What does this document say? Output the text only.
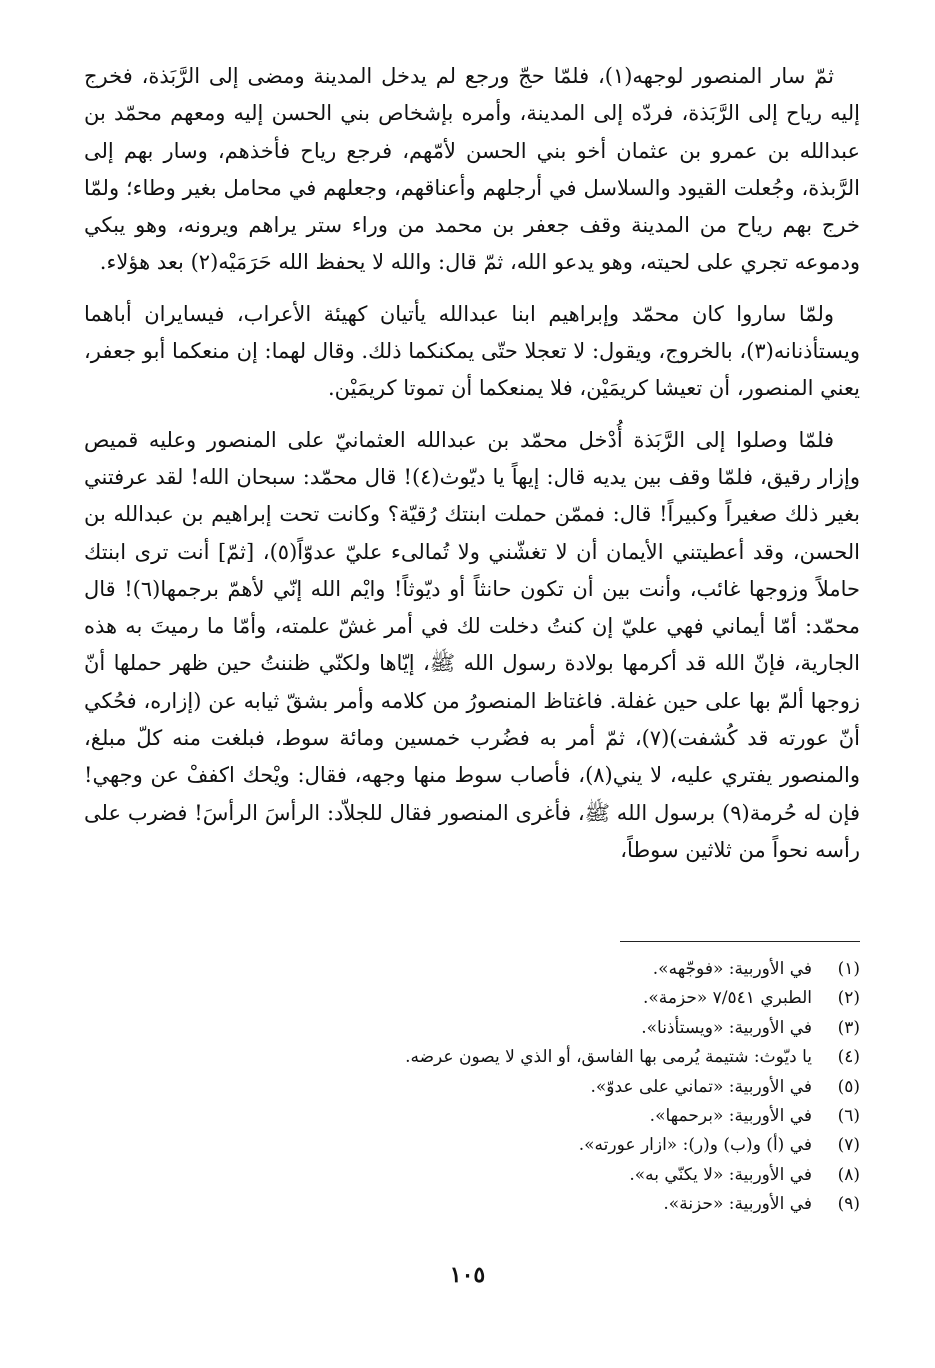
ثمّ سار المنصور لوجهه(١)، فلمّا حجّ ورجع لم يدخل المدينة ومضى إلى الرَّبَذة، فخرج إليه رياح إلى الرَّبَذة، فردّه إلى المدينة، وأمره بإشخاص بني الحسن إليه ومعهم محمّد بن عبدالله بن عمرو بن عثمان أخو بني الحسن لأمّهم، فرجع رياح فأخذهم، وسار بهم إلى الرَّبذة، وجُعلت القيود والسلاسل في أرجلهم وأعناقهم، وجعلهم في محامل بغير وطاء؛ ولمّا خرج بهم رياح من المدينة وقف جعفر بن محمد من وراء ستر يراهم ويرونه، وهو يبكي ودموعه تجري على لحيته، وهو يدعو الله، ثمّ قال: والله لا يحفظ الله حَرَمَيْه(٢) بعد هؤلاء.

ولمّا ساروا كان محمّد وإبراهيم ابنا عبدالله يأتيان كهيئة الأعراب، فيسايران أباهما ويستأذنانه(٣)، بالخروج، ويقول: لا تعجلا حتّى يمكنكما ذلك. وقال لهما: إن منعكما أبو جعفر، يعني المنصور، أن تعيشا كريمَيْن، فلا يمنعكما أن تموتا كريمَيْن.

فلمّا وصلوا إلى الرَّبَذة أُدْخل محمّد بن عبدالله العثمانيّ على المنصور وعليه قميص وإزار رقيق، فلمّا وقف بين يديه قال: إيهاً يا ديّوث(٤)! قال محمّد: سبحان الله! لقد عرفتني بغير ذلك صغيراً وكبيراً! قال: فممّن حملت ابنتك رُقيّة؟ وكانت تحت إبراهيم بن عبدالله بن الحسن، وقد أعطيتني الأيمان أن لا تغشّني ولا تُمالىء عليّ عدوّاً(٥)، [ثمّ] أنت ترى ابنتك حاملاً وزوجها غائب، وأنت بين أن تكون حانثاً أو ديّوثاً! وايْم الله إنّي لأهمّ برجمها(٦)! قال محمّد: أمّا أيماني فهي عليّ إن كنتُ دخلت لك في أمر غشّ علمته، وأمّا ما رميتَ به هذه الجارية، فإنّ الله قد أكرمها بولادة رسول الله ﷺ، إيّاها ولكنّي ظننتُ حين ظهر حملها أنّ زوجها ألمّ بها على حين غفلة. فاغتاظ المنصورُ من كلامه وأمر بشقّ ثيابه عن (إزاره، فحُكي أنّ عورته قد كُشفت)(٧)، ثمّ أمر به فضُرب خمسين ومائة سوط، فبلغت منه كلّ مبلغ، والمنصور يفتري عليه، لا يني(٨)، فأصاب سوط منها وجهه، فقال: ويْحك اكففْ عن وجهي! فإن له حُرمة(٩) برسول الله ﷺ، فأغرى المنصور فقال للجلاّد: الرأسَ الرأسَ! فضرب على رأسه نحواً من ثلاثين سوطاً،

(١)
في الأوربية: «فوجّهه».
(٢)
الطبري ٧/٥٤١ «حزمة».
(٣)
في الأوربية: «ويستأذنا».
(٤)
يا ديّوث: شتيمة يُرمى بها الفاسق، أو الذي لا يصون عرضه.
(٥)
في الأوربية: «تماني على عدوّ».
(٦)
في الأوربية: «برحمها».
(٧)
في (أ) و(ب) و(ر): «ازار عورته».
(٨)
في الأوربية: «لا يكنّي به».
(٩)
في الأوربية: «حزنة».
١٠٥
